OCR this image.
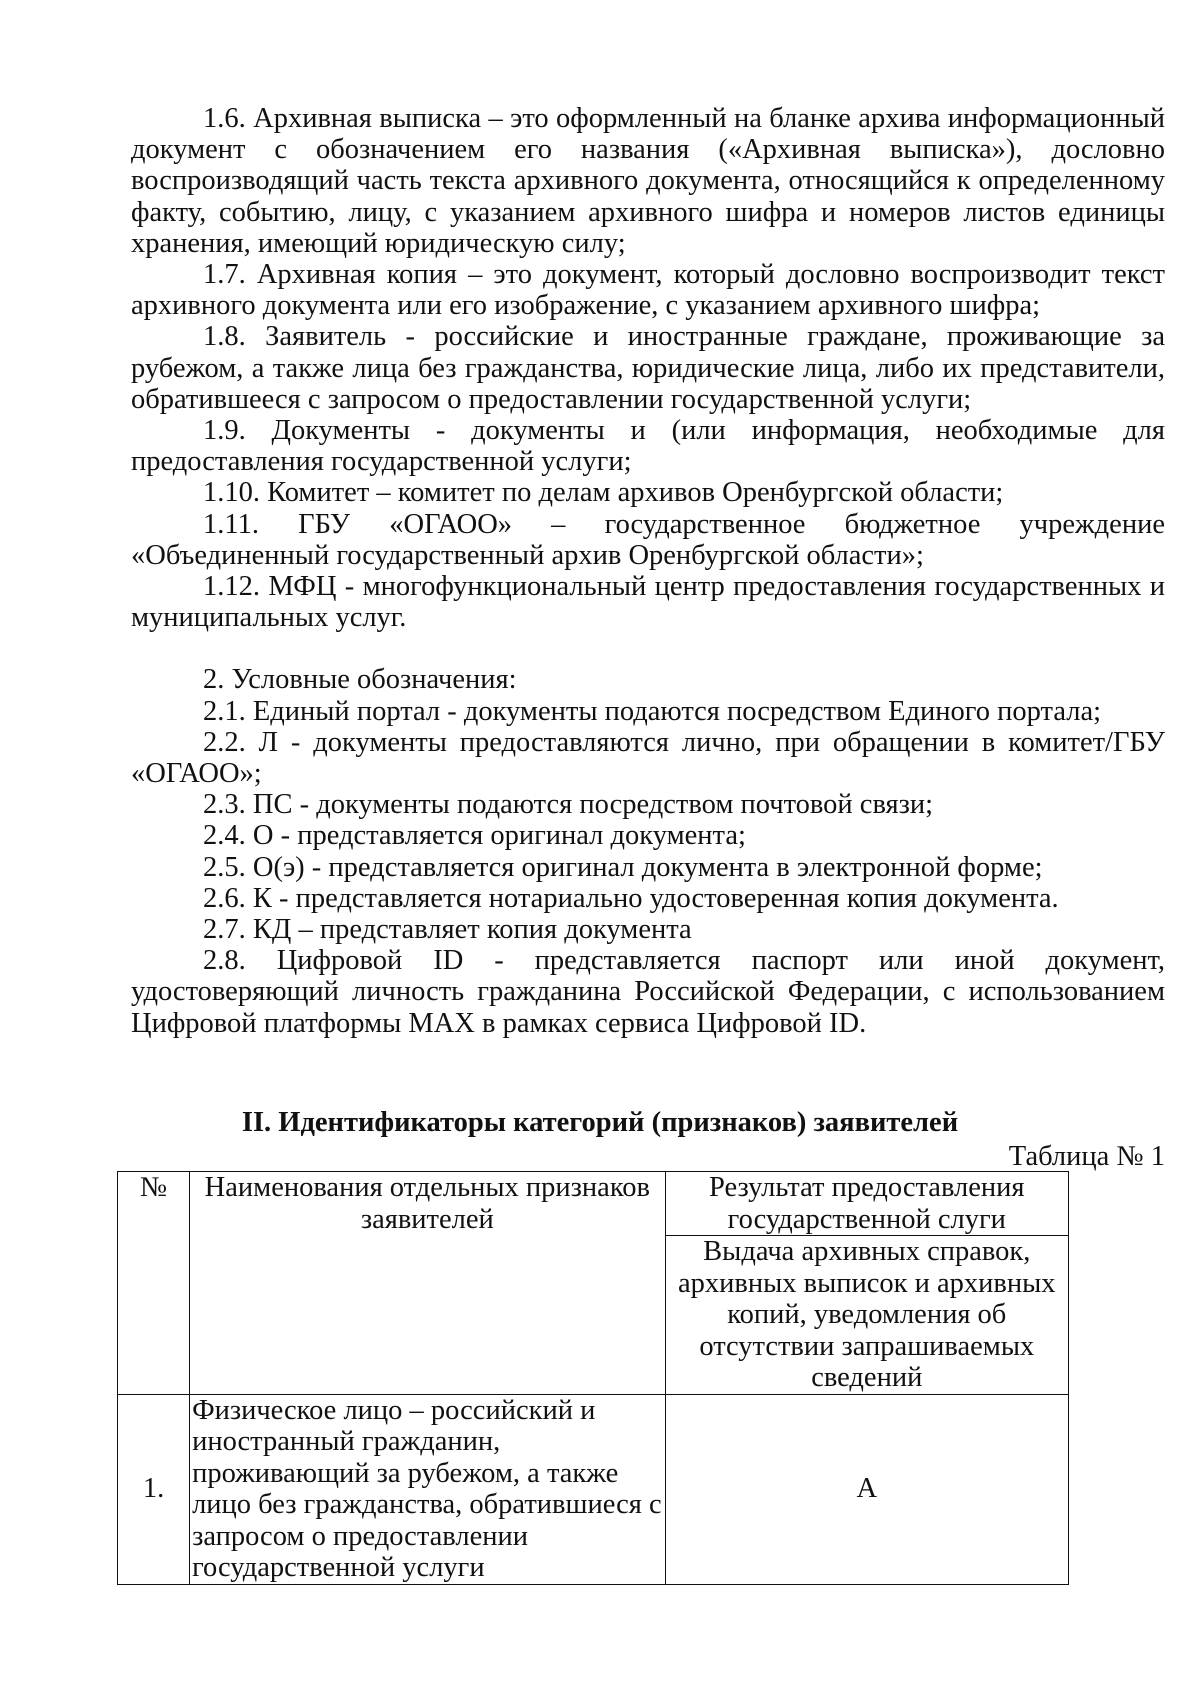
1.6. Архивная выписка – это оформленный на бланке архива информационный документ с обозначением его названия («Архивная выписка»), дословно воспроизводящий часть текста архивного документа, относящийся к определенному факту, событию, лицу, с указанием архивного шифра и номеров листов единицы хранения, имеющий юридическую силу;

1.7. Архивная копия – это документ, который дословно воспроизводит текст архивного документа или его изображение, с указанием архивного шифра;

1.8. Заявитель - российские и иностранные граждане, проживающие за рубежом, а также лица без гражданства, юридические лица, либо их представители, обратившееся с запросом о предоставлении государственной услуги;

1.9. Документы - документы и (или информация, необходимые для предоставления государственной услуги;

1.10. Комитет – комитет по делам архивов Оренбургской области;

1.11. ГБУ «ОГАОО» – государственное бюджетное учреждение «Объединенный государственный архив Оренбургской области»;

1.12. МФЦ - многофункциональный центр предоставления государственных и муниципальных услуг.

2. Условные обозначения:

2.1. Единый портал - документы подаются посредством Единого портала;

2.2. Л - документы предоставляются лично, при обращении в комитет/ГБУ «ОГАОО»;

2.3. ПС - документы подаются посредством почтовой связи;

2.4. О - представляется оригинал документа;

2.5. О(э) - представляется оригинал документа в электронной форме;

2.6. К - представляется нотариально удостоверенная копия документа.

2.7. КД – представляет копия документа

2.8. Цифровой ID - представляется паспорт или иной документ, удостоверяющий личность гражданина Российской Федерации, с использованием Цифровой платформы MAX в рамках сервиса Цифровой ID.

II. Идентификаторы категорий (признаков) заявителей
Таблица № 1
№	Наименования отдельных признаков заявителей	Результат предоставления государственной слуги
		Выдача архивных справок, архивных выписок и архивных копий, уведомления об отсутствии запрашиваемых сведений
1.	Физическое лицо – российский и иностранный гражданин, проживающий за рубежом, а также лицо без гражданства, обратившиеся с запросом о предоставлении государственной услуги	А
